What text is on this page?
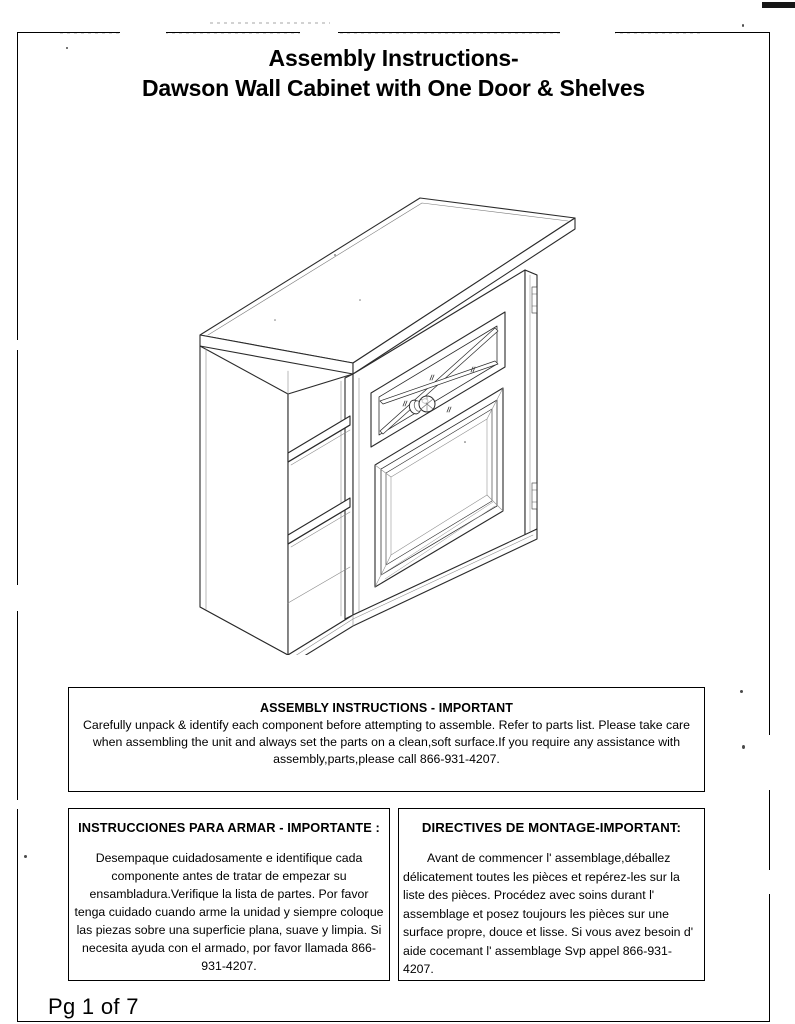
Assembly Instructions-
Dawson Wall Cabinet with One Door & Shelves
ASSEMBLY INSTRUCTIONS - IMPORTANT
Carefully unpack & identify each component before attempting to assemble. Refer to parts list. Please take care when assembling the unit and always set the parts on a clean,soft surface.If you require any assistance with assembly,parts,please call 866-931-4207.
INSTRUCCIONES PARA ARMAR - IMPORTANTE :
Desempaque cuidadosamente e identifique cada componente antes de tratar de empezar su ensambladura.Verifique la lista de partes. Por favor tenga cuidado cuando arme la unidad y siempre coloque las piezas sobre una superficie plana, suave y limpia. Si necesita ayuda con el armado, por favor llamada 866-931-4207.
DIRECTIVES DE MONTAGE-IMPORTANT:
Avant de commencer l' assemblage,déballez délicatement toutes les pièces et repérez-les sur la liste des pièces. Procédez avec soins durant l' assemblage et posez toujours les pièces sur une surface propre, douce et lisse. Si vous avez besoin d' aide cocemant l' assemblage Svp appel 866-931-4207.
Pg 1 of 7
